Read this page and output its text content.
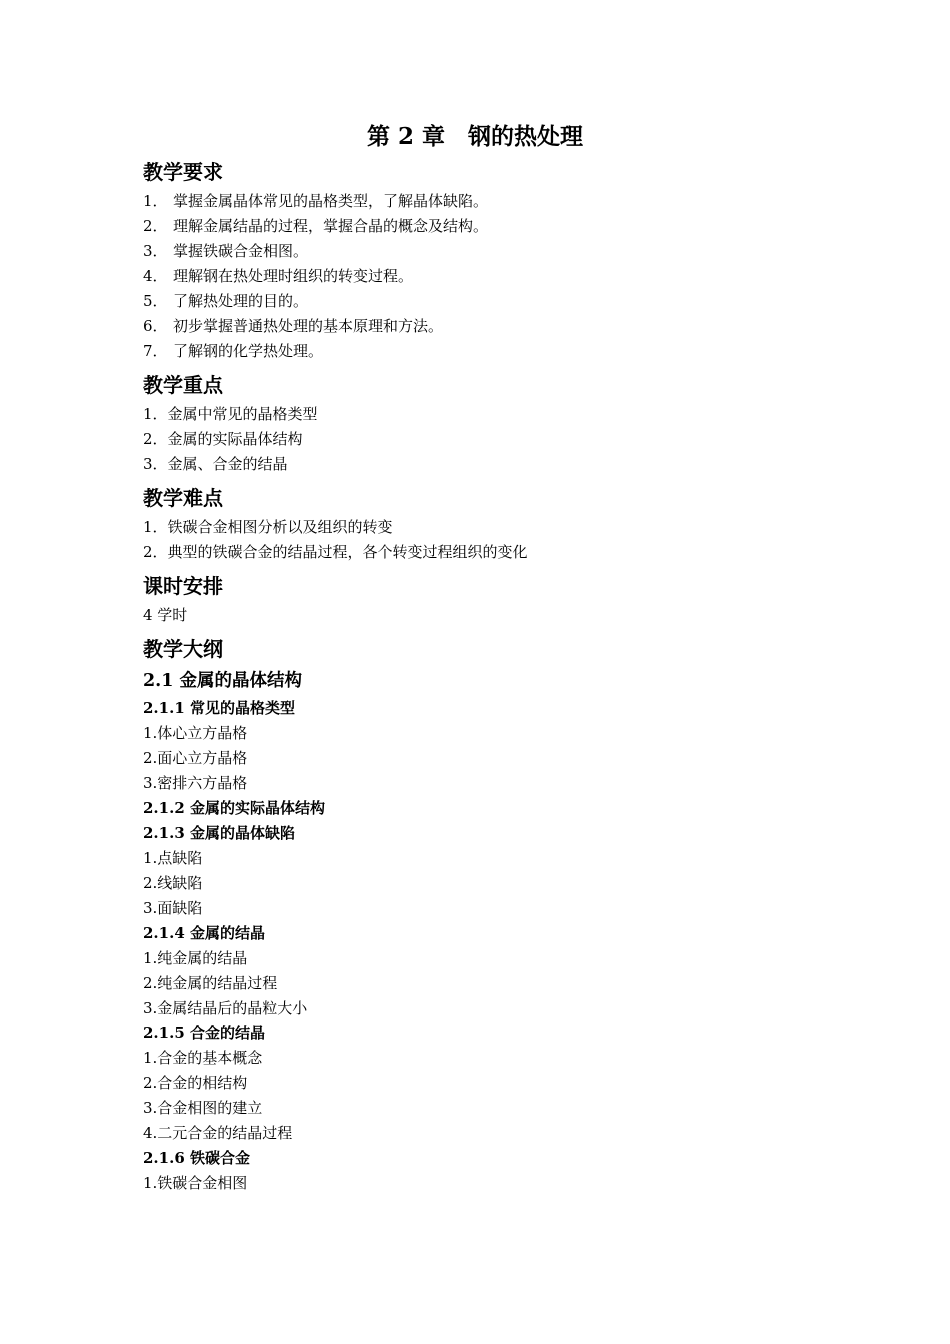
第 2 章　钢的热处理
教学要求
1． 掌握金属晶体常见的晶格类型，了解晶体缺陷。
2． 理解金属结晶的过程，掌握合晶的概念及结构。
3． 掌握铁碳合金相图。
4． 理解钢在热处理时组织的转变过程。
5． 了解热处理的目的。
6． 初步掌握普通热处理的基本原理和方法。
7． 了解钢的化学热处理。
教学重点
1．金属中常见的晶格类型
2．金属的实际晶体结构
3．金属、合金的结晶
教学难点
1．铁碳合金相图分析以及组织的转变
2．典型的铁碳合金的结晶过程，各个转变过程组织的变化
课时安排

4 学时

教学大纲
2.1 金属的晶体结构
2.1.1 常见的晶格类型

1.体心立方晶格

2.面心立方晶格

3.密排六方晶格

2.1.2 金属的实际晶体结构
2.1.3 金属的晶体缺陷

1.点缺陷

2.线缺陷

3.面缺陷

2.1.4 金属的结晶

1.纯金属的结晶

2.纯金属的结晶过程

3.金属结晶后的晶粒大小

2.1.5 合金的结晶

1.合金的基本概念

2.合金的相结构

3.合金相图的建立

4.二元合金的结晶过程

2.1.6 铁碳合金

1.铁碳合金相图
